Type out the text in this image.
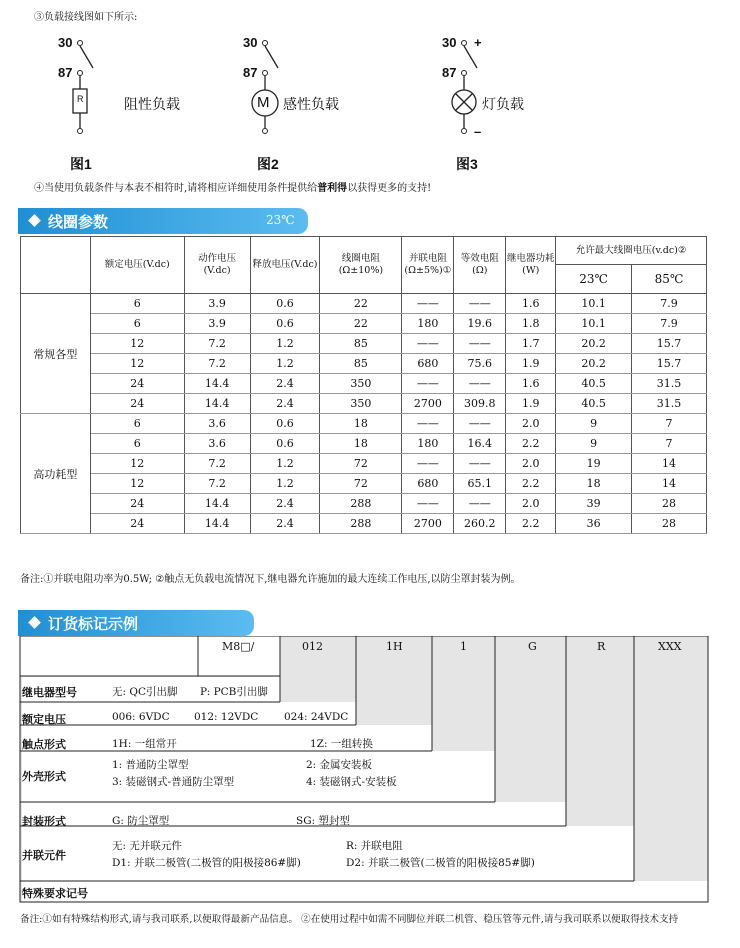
③负载接线图如下所示:
30
87
R	阻性负载
图1
30
87
M 感性负载
图2
30 +
87
灯负载
–
图3
④当使用负载条件与本表不相符时,请将相应详细使用条件提供给普利得以获得更多的支持!
线圈参数	23℃
	额定电压(V.dc)	动作电压(V.dc)	释放电压(V.dc)	线圈电阻(Ω±10%)	并联电阻(Ω±5%)①	等效电阻(Ω)	继电器功耗(W)	允许最大线圈电压(v.dc)②	
								23℃	85℃
常规各型	6	3.9	0.6	22	——	——	1.6	10.1	7.9
	6	3.9	0.6	22	180	19.6	1.8	10.1	7.9
	12	7.2	1.2	85	——	——	1.7	20.2	15.7
	12	7.2	1.2	85	680	75.6	1.9	20.2	15.7
	24	14.4	2.4	350	——	——	1.6	40.5	31.5
	24	14.4	2.4	350	2700	309.8	1.9	40.5	31.5
高功耗型	6	3.6	0.6	18	——	——	2.0	9	7
	6	3.6	0.6	18	180	16.4	2.2	9	7
	12	7.2	1.2	72	——	——	2.0	19	14
	12	7.2	1.2	72	680	65.1	2.2	18	14
	24	14.4	2.4	288	——	——	2.0	39	28
	24	14.4	2.4	288	2700	260.2	2.2	36	28
备注:①并联电阻功率为0.5W; ②触点无负载电流情况下,继电器允许施加的最大连续工作电压,以防尘罩封装为例。
订货标记示例
M8□/	012	1H	1	G	R	XXX
继电器型号	无: QC引出脚 P: PCB引出脚
额定电压	006: 6VDC 012: 12VDC 024: 24VDC
触点形式	1H: 一组常开	1Z: 一组转换
外壳形式
1: 普通防尘罩型	2: 金属安装板
3: 装磁钢式-普通防尘罩型	4: 装磁钢式-安装板
封装形式	G: 防尘罩型	SG: 塑封型
并联元件
无: 无并联元件	R: 并联电阻
D1: 并联二极管(二极管的阳极接86#脚)	D2: 并联二极管(二极管的阳极接85#脚)
特殊要求记号
备注:①如有特殊结构形式,请与我司联系,以便取得最新产品信息。 ②在使用过程中如需不同脚位并联二机管、稳压管等元件,请与我司联系以便取得技术支持
